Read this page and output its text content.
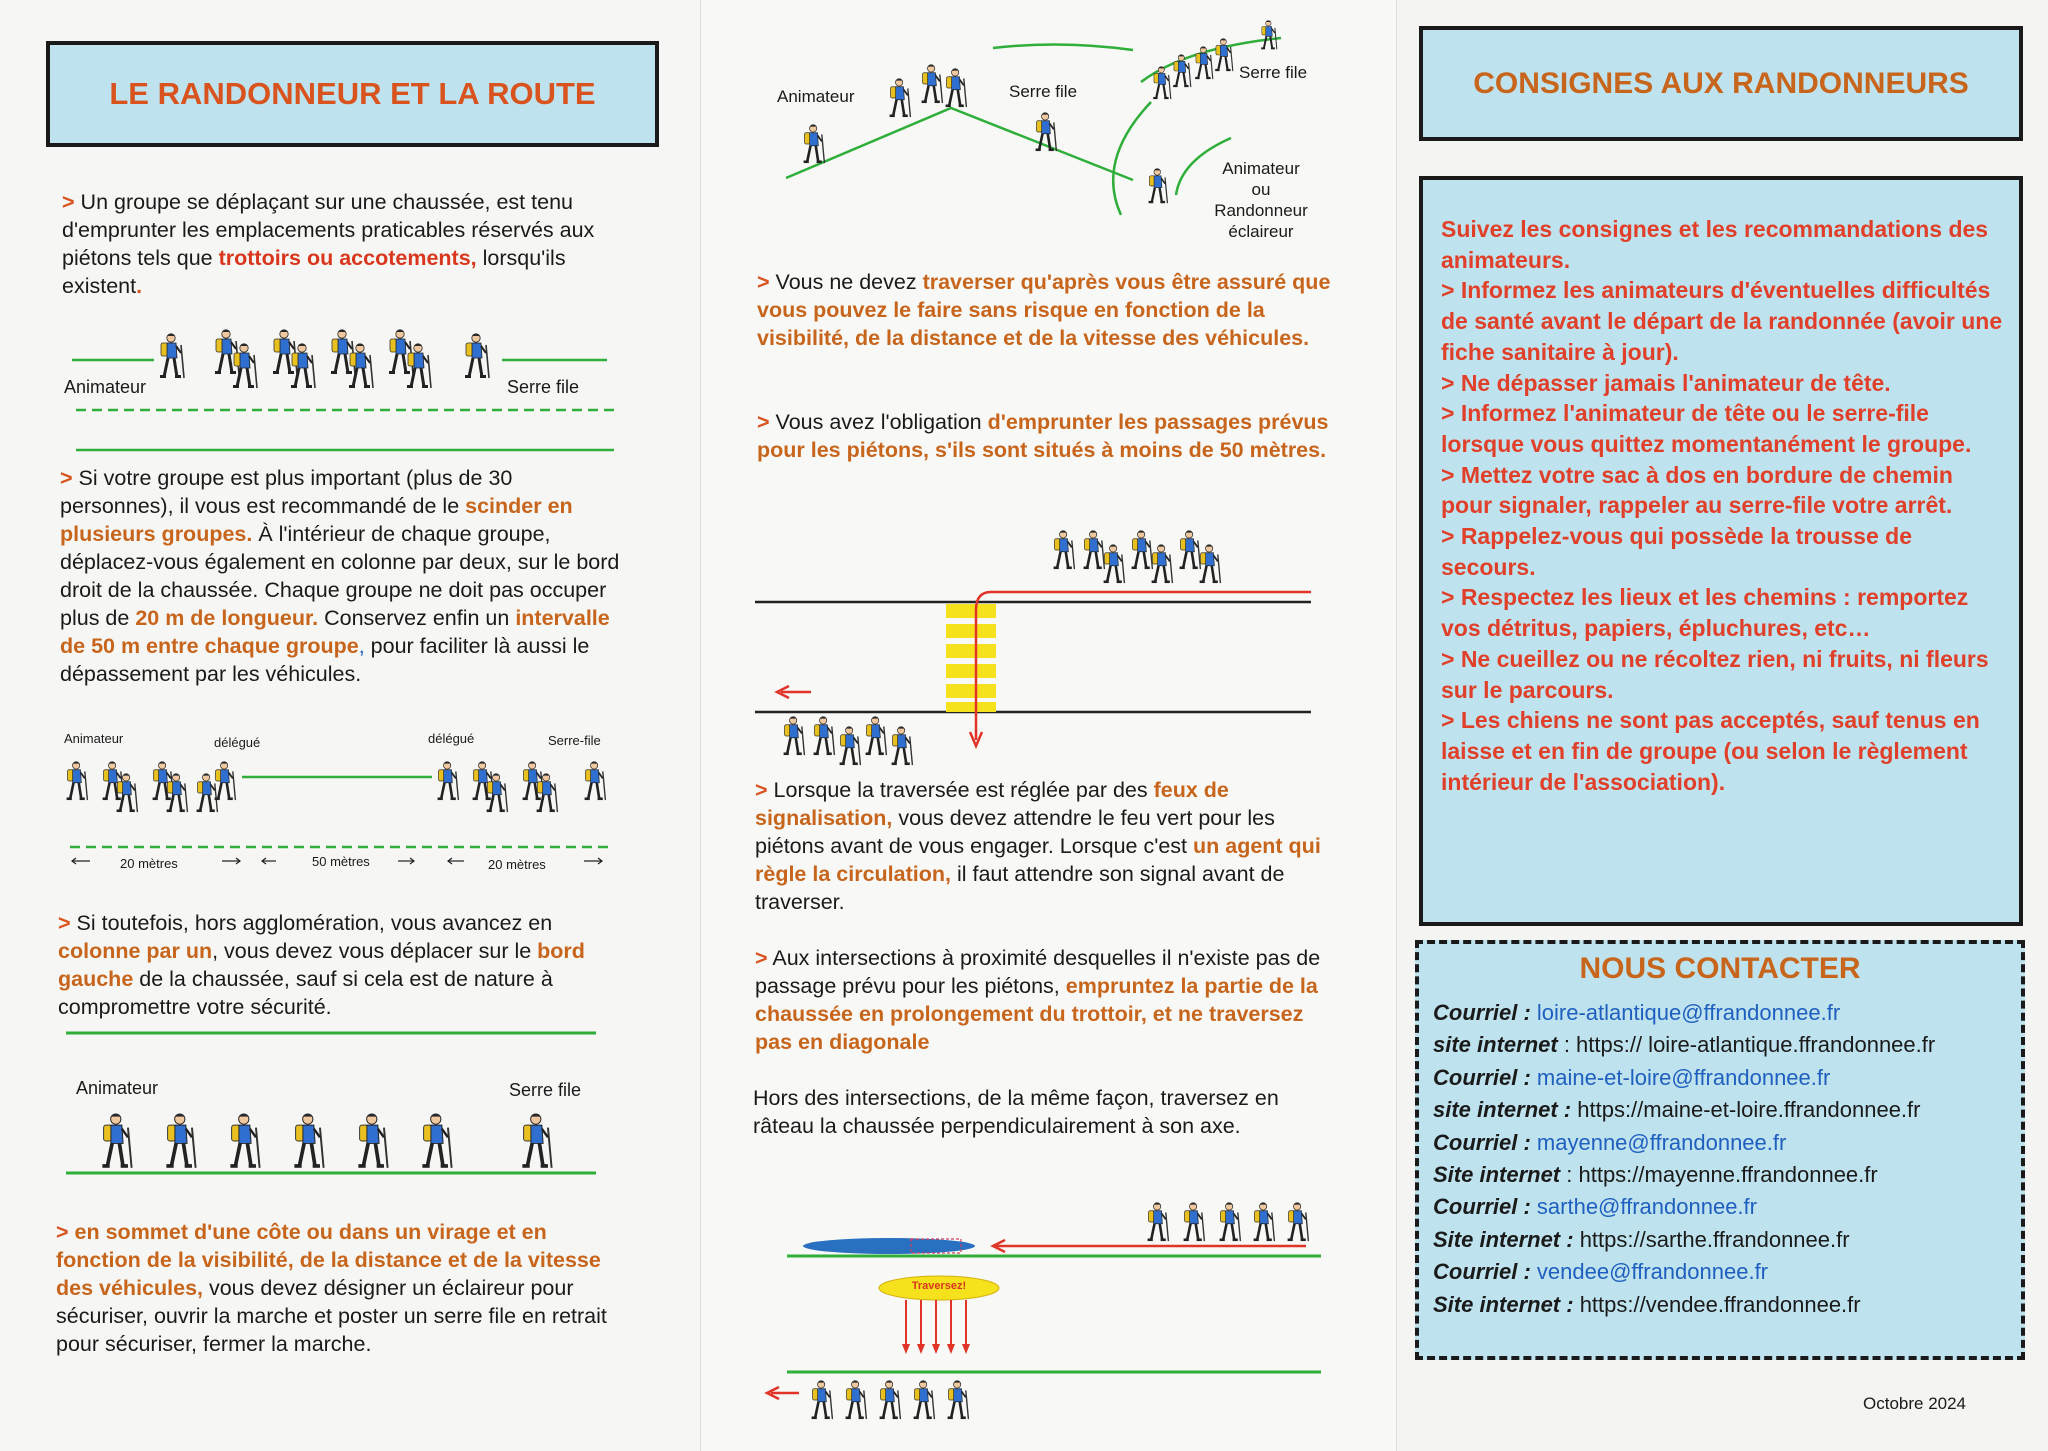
LE RANDONNEUR ET LA ROUTE
> Un groupe se déplaçant sur une chaussée, est tenu d'emprunter les emplacements praticables réservés aux piétons tels que trottoirs ou accotements, lorsqu'ils existent.
Animateur	Serre file
> Si votre groupe est plus important (plus de 30 personnes), il vous est recommandé de le scinder en plusieurs groupes. À l'intérieur de chaque groupe, déplacez-vous également en colonne par deux, sur le bord droit de la chaussée. Chaque groupe ne doit pas occuper plus de 20 m de longueur. Conservez enfin un intervalle de 50 m entre chaque groupe, pour faciliter là aussi le dépassement par les véhicules.
Animateur	délégué	délégué	Serre-file
20 mètres	50 mètres	20 mètres
> Si toutefois, hors agglomération, vous avancez en colonne par un, vous devez vous déplacer sur le bord gauche de la chaussée, sauf si cela est de nature à compromettre votre sécurité.
Animateur	Serre file
> en sommet d'une côte ou dans un virage et en fonction de la visibilité, de la distance et de la vitesse des véhicules, vous devez désigner un éclaireur pour sécuriser, ouvrir la marche et poster un serre file en retrait pour sécuriser, fermer la marche.
Animateur	Serre file
Serre file
Animateur
ou
Randonneur
éclaireur
> Vous ne devez traverser qu'après vous être assuré que vous pouvez le faire sans risque en fonction de la visibilité, de la distance et de la vitesse des véhicules.
> Vous avez l'obligation d'emprunter les passages prévus pour les piétons, s'ils sont situés à moins de 50 mètres.
> Lorsque la traversée est réglée par des feux de signalisation, vous devez attendre le feu vert pour les piétons avant de vous engager. Lorsque c'est un agent qui règle la circulation, il faut attendre son signal avant de traverser.
> Aux intersections à proximité desquelles il n'existe pas de passage prévu pour les piétons, empruntez la partie de la chaussée en prolongement du trottoir, et ne traversez pas en diagonale
Hors des intersections, de la même façon, traversez en râteau la chaussée perpendiculairement à son axe.
Traversez!
CONSIGNES AUX RANDONNEURS
Suivez les consignes et les recommandations des animateurs.
> Informez les animateurs d'éventuelles difficultés de santé avant le départ de la randonnée (avoir une fiche sanitaire à jour).
> Ne dépasser jamais l'animateur de tête.
> Informez l'animateur de tête ou le serre-file lorsque vous quittez momentanément le groupe.
> Mettez votre sac à dos en bordure de chemin pour signaler, rappeler au serre-file votre arrêt.
> Rappelez-vous qui possède la trousse de secours.
> Respectez les lieux et les chemins : remportez vos détritus, papiers, épluchures, etc…
> Ne cueillez ou ne récoltez rien, ni fruits, ni fleurs sur le parcours.
> Les chiens ne sont pas acceptés, sauf tenus en laisse et en fin de groupe (ou selon le règlement intérieur de l'association).
NOUS CONTACTER
Courriel : loire-atlantique@ffrandonnee.fr
site internet : https:// loire-atlantique.ffrandonnee.fr
Courriel : maine-et-loire@ffrandonnee.fr
site internet : https://maine-et-loire.ffrandonnee.fr
Courriel : mayenne@ffrandonnee.fr
Site internet : https://mayenne.ffrandonnee.fr
Courriel : sarthe@ffrandonnee.fr
Site internet : https://sarthe.ffrandonnee.fr
Courriel : vendee@ffrandonnee.fr
Site internet : https://vendee.ffrandonnee.fr
Octobre 2024
